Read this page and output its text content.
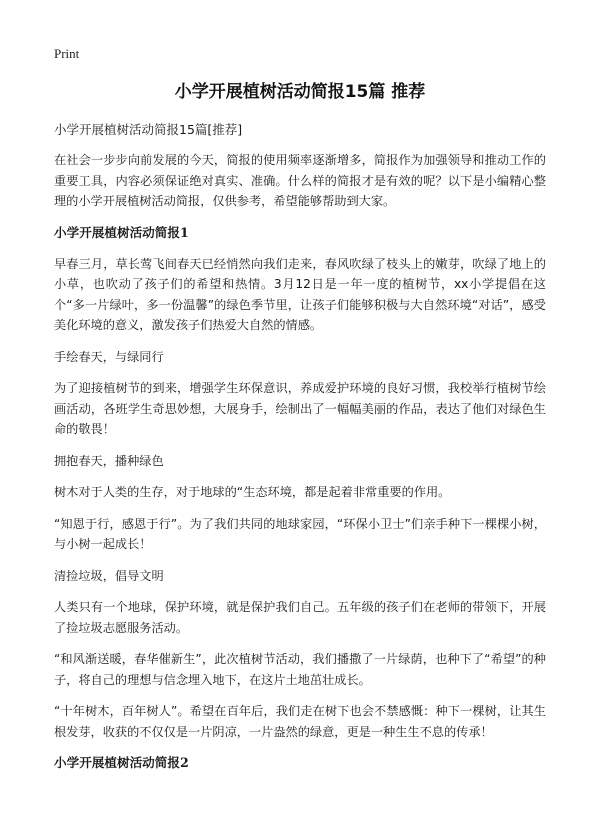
Print
小学开展植树活动简报15篇 推荐
小学开展植树活动简报15篇[推荐]

在社会一步步向前发展的今天，简报的使用频率逐渐增多，简报作为加强领导和推动工作的重要工具，内容必须保证绝对真实、准确。什么样的简报才是有效的呢？以下是小编精心整理的小学开展植树活动简报，仅供参考，希望能够帮助到大家。

小学开展植树活动简报1

早春三月，草长莺飞间春天已经悄然向我们走来，春风吹绿了枝头上的嫩芽，吹绿了地上的小草，也吹动了孩子们的希望和热情。3月12日是一年一度的植树节，xx小学提倡在这个“多一片绿叶，多一份温馨”的绿色季节里，让孩子们能够积极与大自然环境“对话”，感受美化环境的意义，激发孩子们热爱大自然的情感。

手绘春天，与绿同行

为了迎接植树节的到来，增强学生环保意识，养成爱护环境的良好习惯，我校举行植树节绘画活动，各班学生奇思妙想，大展身手，绘制出了一幅幅美丽的作品，表达了他们对绿色生命的敬畏！

拥抱春天，播种绿色

树木对于人类的生存，对于地球的“生态环境，都是起着非常重要的作用。

“知恩于行，感恩于行”。为了我们共同的地球家园，“环保小卫士”们亲手种下一棵棵小树，与小树一起成长！

清捡垃圾，倡导文明

人类只有一个地球，保护环境，就是保护我们自己。五年级的孩子们在老师的带领下，开展了捡垃圾志愿服务活动。

“和风渐送暖，春华催新生”，此次植树节活动，我们播撒了一片绿荫，也种下了“希望”的种子，将自己的理想与信念埋入地下，在这片土地茁壮成长。

“十年树木，百年树人”。希望在百年后，我们走在树下也会不禁感慨：种下一棵树，让其生根发芽，收获的不仅仅是一片阴凉，一片盎然的绿意，更是一种生生不息的传承！

小学开展植树活动简报2
